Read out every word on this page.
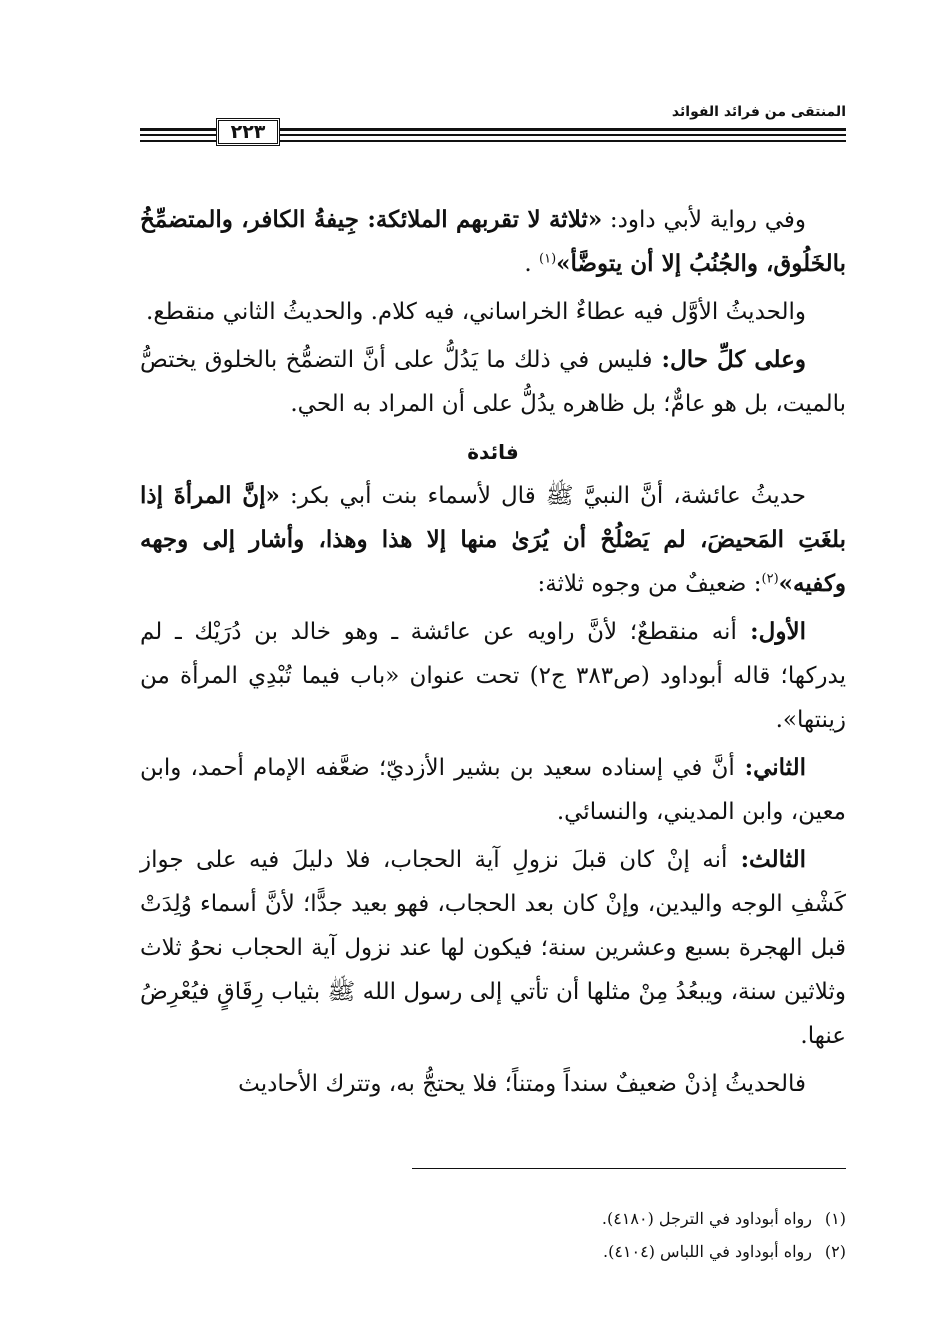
المنتقى من فرائد الفوائد
٢٢٣

وفي رواية لأبي داود: «ثلاثة لا تقربهم الملائكة: جِيفةُ الكافر، والمتضمِّخُ بالخَلُوق، والجُنُبُ إلا أن يتوضَّأ»$^{(١)}$ .

والحديثُ الأوَّل فيه عطاءٌ الخراساني، فيه كلام. والحديثُ الثاني منقطع.

وعلى كلِّ حال: فليس في ذلك ما يَدُلُّ على أنَّ التضمُّخ بالخلوق يختصُّ بالميت، بل هو عامٌّ؛ بل ظاهره يدُلُّ على أن المراد به الحي.

فائدة

حديثُ عائشة، أنَّ النبيَّ ﷺ قال لأسماء بنت أبي بكر: «إنَّ المرأةَ إذا بلغَتِ المَحيضَ، لم يَصْلُحْ أن يُرَىٰ منها إلا هذا وهذا، وأشار إلى وجهه وكفيه»$^{(٢)}$: ضعيفٌ من وجوه ثلاثة:

الأول: أنه منقطعٌ؛ لأنَّ راويه عن عائشة ـ وهو خالد بن دُرَيْك ـ لم يدركها؛ قاله أبوداود (ص٣٨٣ ج٢) تحت عنوان «باب فيما تُبْدِي المرأة من زينتها».

الثاني: أنَّ في إسناده سعيد بن بشير الأزديّ؛ ضعَّفه الإمام أحمد، وابن معين، وابن المديني، والنسائي.

الثالث: أنه إنْ كان قبلَ نزولِ آية الحجاب، فلا دليلَ فيه على جواز كَشْفِ الوجه واليدين، وإنْ كان بعد الحجاب، فهو بعيد جدًّا؛ لأنَّ أسماء وُلِدَتْ قبل الهجرة بسبع وعشرين سنة؛ فيكون لها عند نزول آية الحجاب نحوُ ثلاث وثلاثين سنة، ويبعُدُ مِنْ مثلها أن تأتي إلى رسول الله ﷺ بثياب رِقَاقٍ فيُعْرِضُ عنها.

فالحديثُ إذنْ ضعيفٌ سنداً ومتناً؛ فلا يحتجُّ به، وتترك الأحاديث

(١)رواه أبوداود في الترجل (٤١٨٠).
(٢)رواه أبوداود في اللباس (٤١٠٤).
